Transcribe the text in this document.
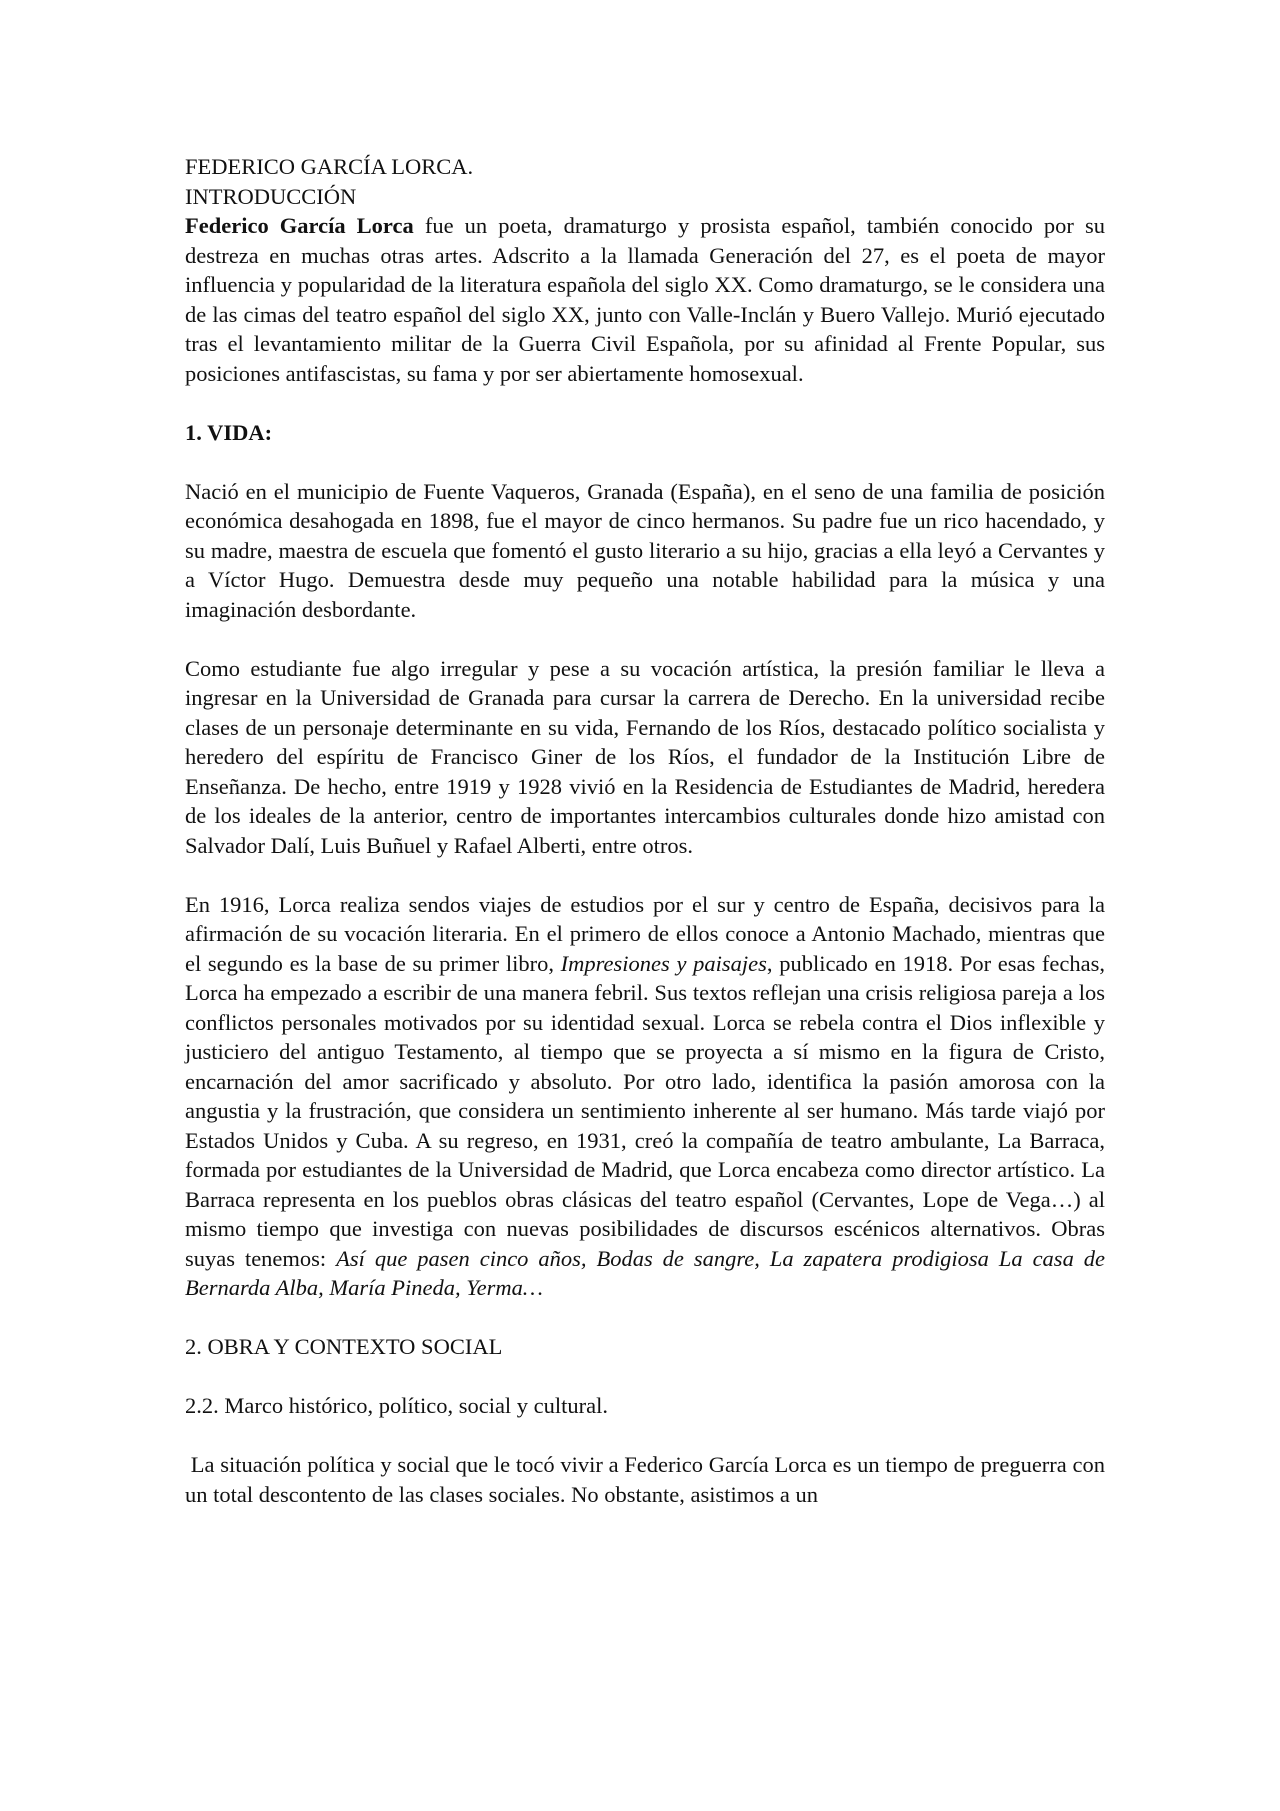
FEDERICO GARCÍA LORCA.

INTRODUCCIÓN

Federico García Lorca fue un poeta, dramaturgo y prosista español, también conocido por su destreza en muchas otras artes. Adscrito a la llamada Generación del 27, es el poeta de mayor influencia y popularidad de la literatura española del siglo XX. Como dramaturgo, se le considera una de las cimas del teatro español del siglo XX, junto con Valle-Inclán y Buero Vallejo. Murió ejecutado tras el levantamiento militar de la Guerra Civil Española, por su afinidad al Frente Popular, sus posiciones antifascistas, su fama y por ser abiertamente homosexual.

1. VIDA:

Nació en el municipio de Fuente Vaqueros, Granada (España), en el seno de una familia de posición económica desahogada en 1898, fue el mayor de cinco hermanos. Su padre fue un rico hacendado, y su madre, maestra de escuela que fomentó el gusto literario a su hijo, gracias a ella leyó a Cervantes y a Víctor Hugo. Demuestra desde muy pequeño una notable habilidad para la música y una imaginación desbordante.

Como estudiante fue algo irregular y pese a su vocación artística, la presión familiar le lleva a ingresar en la Universidad de Granada para cursar la carrera de Derecho. En la universidad recibe clases de un personaje determinante en su vida, Fernando de los Ríos, destacado político socialista y heredero del espíritu de Francisco Giner de los Ríos, el fundador de la Institución Libre de Enseñanza. De hecho, entre 1919 y 1928 vivió en la Residencia de Estudiantes de Madrid, heredera de los ideales de la anterior, centro de importantes intercambios culturales donde hizo amistad con Salvador Dalí, Luis Buñuel y Rafael Alberti, entre otros.

En 1916, Lorca realiza sendos viajes de estudios por el sur y centro de España, decisivos para la afirmación de su vocación literaria. En el primero de ellos conoce a Antonio Machado, mientras que el segundo es la base de su primer libro, Impresiones y paisajes, publicado en 1918. Por esas fechas, Lorca ha empezado a escribir de una manera febril. Sus textos reflejan una crisis religiosa pareja a los conflictos personales motivados por su identidad sexual. Lorca se rebela contra el Dios inflexible y justiciero del antiguo Testamento, al tiempo que se proyecta a sí mismo en la figura de Cristo, encarnación del amor sacrificado y absoluto. Por otro lado, identifica la pasión amorosa con la angustia y la frustración, que considera un sentimiento inherente al ser humano. Más tarde viajó por Estados Unidos y Cuba. A su regreso, en 1931, creó la compañía de teatro ambulante, La Barraca, formada por estudiantes de la Universidad de Madrid, que Lorca encabeza como director artístico. La Barraca representa en los pueblos obras clásicas del teatro español (Cervantes, Lope de Vega…) al mismo tiempo que investiga con nuevas posibilidades de discursos escénicos alternativos. Obras suyas tenemos: Así que pasen cinco años, Bodas de sangre, La zapatera prodigiosa La casa de Bernarda Alba, María Pineda, Yerma…

2. OBRA Y CONTEXTO SOCIAL

2.2. Marco histórico, político, social y cultural.

La situación política y social que le tocó vivir a Federico García Lorca es un tiempo de preguerra con un total descontento de las clases sociales. No obstante, asistimos a un
